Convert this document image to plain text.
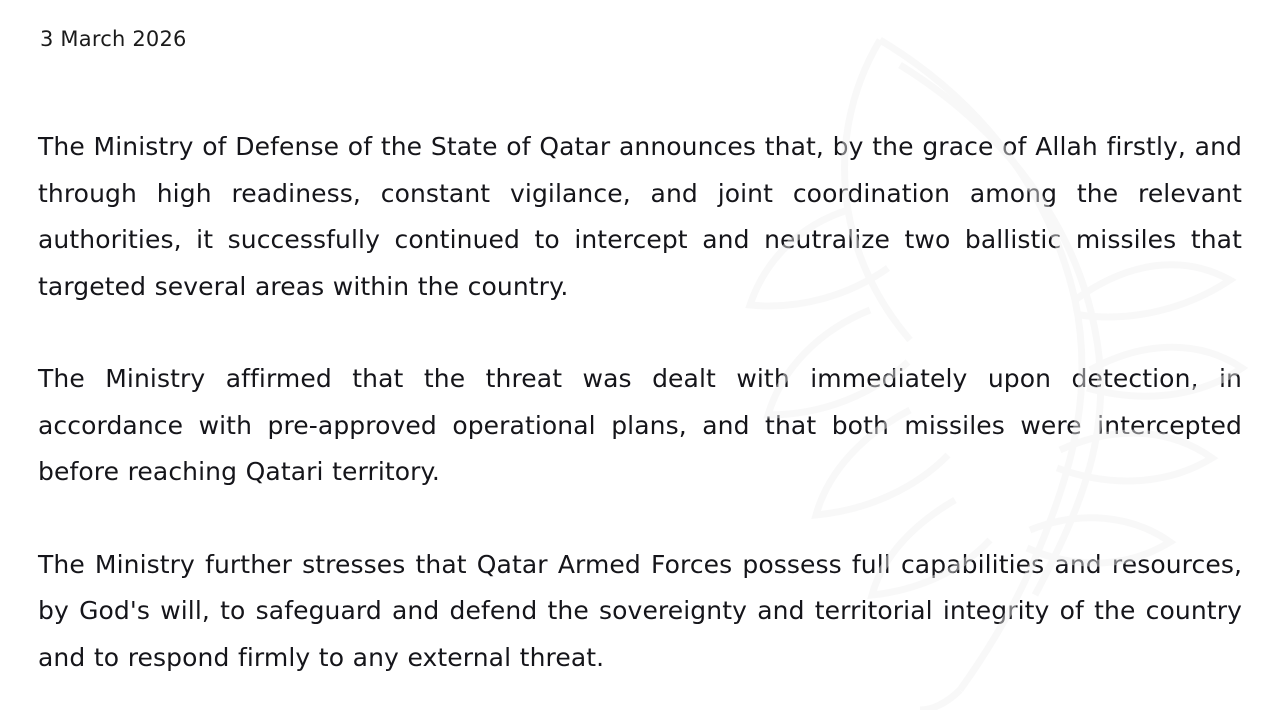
3 March 2026

The Ministry of Defense of the State of Qatar announces that, by the grace of Allah firstly, and through high readiness, constant vigilance, and joint coordination among the relevant authorities, it successfully continued to intercept and neutralize two ballistic missiles that targeted several areas within the country.

The Ministry affirmed that the threat was dealt with immediately upon detection, in accordance with pre-approved operational plans, and that both missiles were intercepted before reaching Qatari territory.

The Ministry further stresses that Qatar Armed Forces possess full capabilities and resources, by God's will, to safeguard and defend the sovereignty and territorial integrity of the country and to respond firmly to any external threat.
